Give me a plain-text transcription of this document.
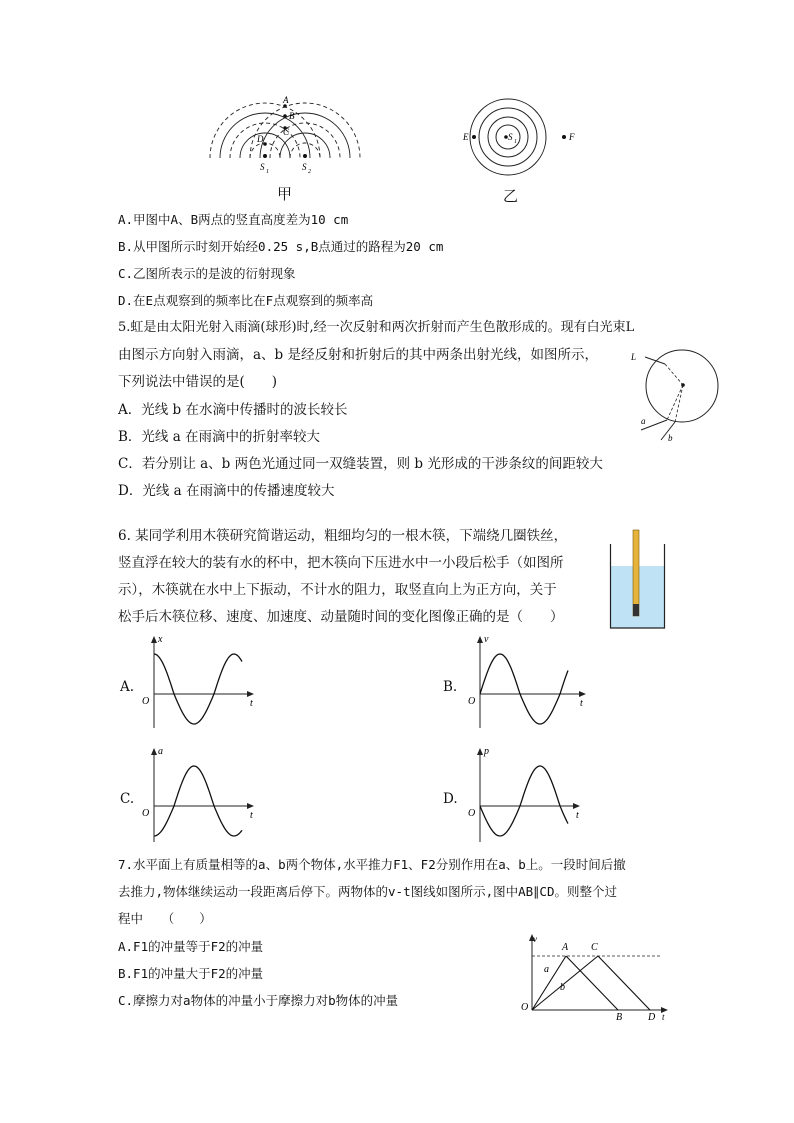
A
B
C
D
S 1	S 2
甲
E	F
S 1
乙
A.甲图中A、B两点的竖直高度差为10 cm
B.从甲图所示时刻开始经0.25 s,B点通过的路程为20 cm
C.乙图所表示的是波的衍射现象
D.在E点观察到的频率比在F点观察到的频率高
5.虹是由太阳光射入雨滴(球形)时,经一次反射和两次折射而产生色散形成的。现有白光束L
由图示方向射入雨滴，a、b 是经反射和折射后的其中两条出射光线，如图所示，
下列说法中错误的是(　　)
A．光线 b 在水滴中传播时的波长较长
B．光线 a 在雨滴中的折射率较大
C．若分别让 a、b 两色光通过同一双缝装置，则 b 光形成的干涉条纹的间距较大
D．光线 a 在雨滴中的传播速度较大
L
a
b
6. 某同学利用木筷研究简谐运动，粗细均匀的一根木筷，下端绕几圈铁丝，
竖直浮在较大的装有水的杯中，把木筷向下压进水中一小段后松手（如图所
示），木筷就在水中上下振动，不计水的阻力，取竖直向上为正方向，关于
松手后木筷位移、速度、加速度、动量随时间的变化图像正确的是（　　）
A.
x
O	t
B.
v
O	t
C.
a
O	t
D.
p
O	t
7.水平面上有质量相等的a、b两个物体,水平推力F1、F2分别作用在a、b上。一段时间后撤
去推力,物体继续运动一段距离后停下。两物体的v-t图线如图所示,图中AB∥CD。则整个过
程中　　（　　）
A.F1的冲量等于F2的冲量
B.F1的冲量大于F2的冲量
C.摩擦力对a物体的冲量小于摩擦力对b物体的冲量
v
A C
a
b
O
B	D t
